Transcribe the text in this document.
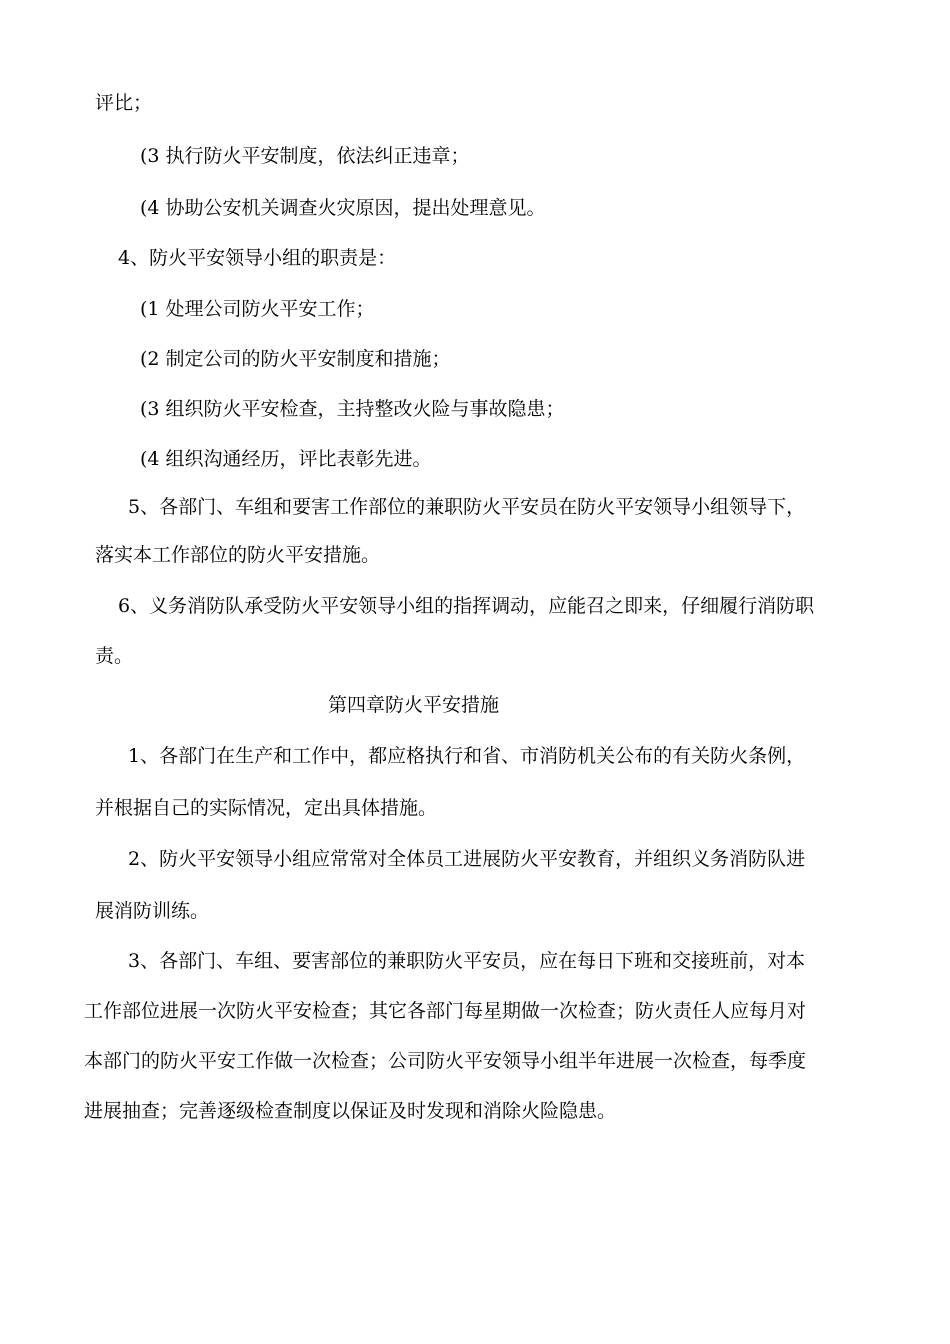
评比；
(3 执行防火平安制度，依法纠正违章；
(4 协助公安机关调查火灾原因，提出处理意见。
4、防火平安领导小组的职责是：
(1 处理公司防火平安工作；
(2 制定公司的防火平安制度和措施；
(3 组织防火平安检查，主持整改火险与事故隐患；
(4 组织沟通经历，评比表彰先进。
5、各部门、车组和要害工作部位的兼职防火平安员在防火平安领导小组领导下，
落实本工作部位的防火平安措施。
6、义务消防队承受防火平安领导小组的指挥调动，应能召之即来，仔细履行消防职
责。
第四章防火平安措施
1、各部门在生产和工作中，都应格执行和省、市消防机关公布的有关防火条例，
并根据自己的实际情况，定出具体措施。
2、防火平安领导小组应常常对全体员工进展防火平安教育，并组织义务消防队进
展消防训练。
3、各部门、车组、要害部位的兼职防火平安员，应在每日下班和交接班前，对本
工作部位进展一次防火平安检查；其它各部门每星期做一次检查；防火责任人应每月对
本部门的防火平安工作做一次检查；公司防火平安领导小组半年进展一次检查，每季度
进展抽查；完善逐级检查制度以保证及时发现和消除火险隐患。
